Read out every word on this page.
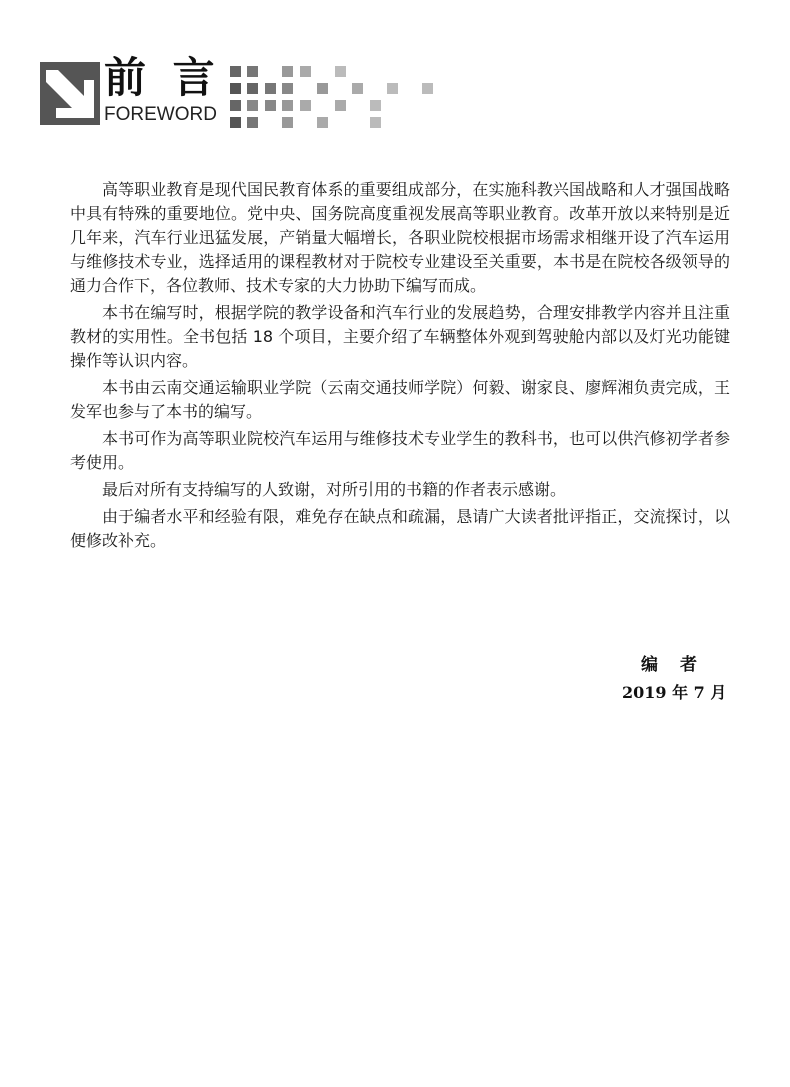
前 言
FOREWORD

高等职业教育是现代国民教育体系的重要组成部分，在实施科教兴国战略和人才强国战略中具有特殊的重要地位。党中央、国务院高度重视发展高等职业教育。改革开放以来特别是近几年来，汽车行业迅猛发展，产销量大幅增长，各职业院校根据市场需求相继开设了汽车运用与维修技术专业，选择适用的课程教材对于院校专业建设至关重要，本书是在院校各级领导的通力合作下，各位教师、技术专家的大力协助下编写而成。

本书在编写时，根据学院的教学设备和汽车行业的发展趋势，合理安排教学内容并且注重教材的实用性。全书包括 18 个项目，主要介绍了车辆整体外观到驾驶舱内部以及灯光功能键操作等认识内容。

本书由云南交通运输职业学院（云南交通技师学院）何毅、谢家良、廖辉湘负责完成，王发军也参与了本书的编写。

本书可作为高等职业院校汽车运用与维修技术专业学生的教科书，也可以供汽修初学者参考使用。

最后对所有支持编写的人致谢，对所引用的书籍的作者表示感谢。

由于编者水平和经验有限，难免存在缺点和疏漏，恳请广大读者批评指正，交流探讨，以便修改补充。

编者
2019 年 7 月
